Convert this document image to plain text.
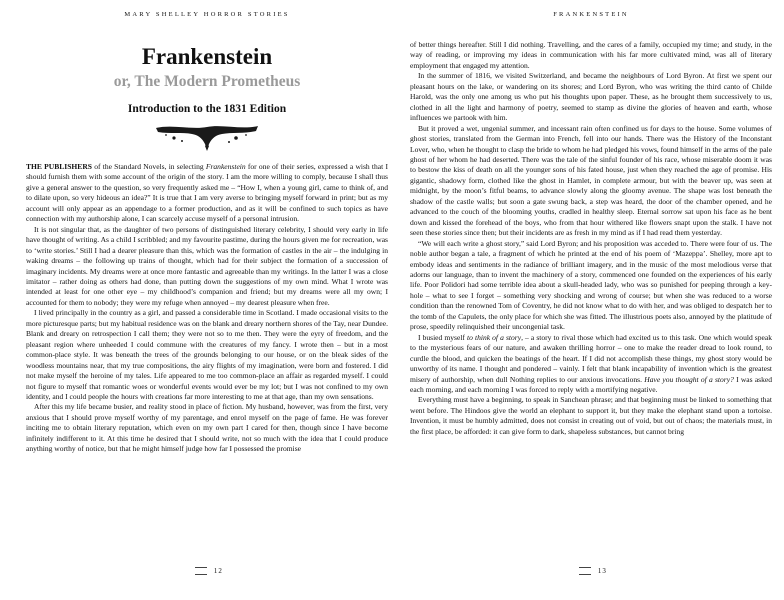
MARY SHELLEY HORROR STORIES
Frankenstein
or, The Modern Prometheus
Introduction to the 1831 Edition

THE PUBLISHERS of the Standard Novels, in selecting Frankenstein for one of their series, expressed a wish that I should furnish them with some account of the origin of the story. I am the more willing to comply, because I shall thus give a general answer to the question, so very frequently asked me – “How I, when a young girl, came to think of, and to dilate upon, so very hideous an idea?” It is true that I am very averse to bringing myself forward in print; but as my account will only appear as an appendage to a former production, and as it will be confined to such topics as have connection with my authorship alone, I can scarcely accuse myself of a personal intrusion.

It is not singular that, as the daughter of two persons of distinguished literary celebrity, I should very early in life have thought of writing. As a child I scribbled; and my favourite pastime, during the hours given me for recreation, was to ‘write stories.’ Still I had a dearer pleasure than this, which was the formation of castles in the air – the indulging in waking dreams – the following up trains of thought, which had for their subject the formation of a succession of imaginary incidents. My dreams were at once more fantastic and agreeable than my writings. In the latter I was a close imitator – rather doing as others had done, than putting down the suggestions of my own mind. What I wrote was intended at least for one other eye – my childhood’s companion and friend; but my dreams were all my own; I accounted for them to nobody; they were my refuge when annoyed – my dearest pleasure when free.

I lived principally in the country as a girl, and passed a considerable time in Scotland. I made occasional visits to the more picturesque parts; but my habitual residence was on the blank and dreary northern shores of the Tay, near Dundee. Blank and dreary on retrospection I call them; they were not so to me then. They were the eyry of freedom, and the pleasant region where unheeded I could commune with the creatures of my fancy. I wrote then – but in a most common-place style. It was beneath the trees of the grounds belonging to our house, or on the bleak sides of the woodless mountains near, that my true compositions, the airy flights of my imagination, were born and fostered. I did not make myself the heroine of my tales. Life appeared to me too common-place an affair as regarded myself. I could not figure to myself that romantic woes or wonderful events would ever be my lot; but I was not confined to my own identity, and I could people the hours with creations far more interesting to me at that age, than my own sensations.

After this my life became busier, and reality stood in place of fiction. My husband, however, was from the first, very anxious that I should prove myself worthy of my parentage, and enrol myself on the page of fame. He was forever inciting me to obtain literary reputation, which even on my own part I cared for then, though since I have become infinitely indifferent to it. At this time he desired that I should write, not so much with the idea that I could produce anything worthy of notice, but that he might himself judge how far I possessed the promise

12
FRANKENSTEIN

of better things hereafter. Still I did nothing. Travelling, and the cares of a family, occupied my time; and study, in the way of reading, or improving my ideas in communication with his far more cultivated mind, was all of literary employment that engaged my attention.

In the summer of 1816, we visited Switzerland, and became the neighbours of Lord Byron. At first we spent our pleasant hours on the lake, or wandering on its shores; and Lord Byron, who was writing the third canto of Childe Harold, was the only one among us who put his thoughts upon paper. These, as he brought them successively to us, clothed in all the light and harmony of poetry, seemed to stamp as divine the glories of heaven and earth, whose influences we partook with him.

But it proved a wet, ungenial summer, and incessant rain often confined us for days to the house. Some volumes of ghost stories, translated from the German into French, fell into our hands. There was the History of the Inconstant Lover, who, when he thought to clasp the bride to whom he had pledged his vows, found himself in the arms of the pale ghost of her whom he had deserted. There was the tale of the sinful founder of his race, whose miserable doom it was to bestow the kiss of death on all the younger sons of his fated house, just when they reached the age of promise. His gigantic, shadowy form, clothed like the ghost in Hamlet, in complete armour, but with the beaver up, was seen at midnight, by the moon’s fitful beams, to advance slowly along the gloomy avenue. The shape was lost beneath the shadow of the castle walls; but soon a gate swung back, a step was heard, the door of the chamber opened, and he advanced to the couch of the blooming youths, cradled in healthy sleep. Eternal sorrow sat upon his face as he bent down and kissed the forehead of the boys, who from that hour withered like flowers snapt upon the stalk. I have not seen these stories since then; but their incidents are as fresh in my mind as if I had read them yesterday.

“We will each write a ghost story,” said Lord Byron; and his proposition was acceded to. There were four of us. The noble author began a tale, a fragment of which he printed at the end of his poem of ‘Mazeppa’. Shelley, more apt to embody ideas and sentiments in the radiance of brilliant imagery, and in the music of the most melodious verse that adorns our language, than to invent the machinery of a story, commenced one founded on the experiences of his early life. Poor Polidori had some terrible idea about a skull-headed lady, who was so punished for peeping through a key-hole – what to see I forget – something very shocking and wrong of course; but when she was reduced to a worse condition than the renowned Tom of Coventry, he did not know what to do with her, and was obliged to despatch her to the tomb of the Capulets, the only place for which she was fitted. The illustrious poets also, annoyed by the platitude of prose, speedily relinquished their uncongenial task.

I busied myself to think of a story, – a story to rival those which had excited us to this task. One which would speak to the mysterious fears of our nature, and awaken thrilling horror – one to make the reader dread to look round, to curdle the blood, and quicken the beatings of the heart. If I did not accomplish these things, my ghost story would be unworthy of its name. I thought and pondered – vainly. I felt that blank incapability of invention which is the greatest misery of authorship, when dull Nothing replies to our anxious invocations. Have you thought of a story? I was asked each morning, and each morning I was forced to reply with a mortifying negative.

Everything must have a beginning, to speak in Sanchean phrase; and that beginning must be linked to something that went before. The Hindoos give the world an elephant to support it, but they make the elephant stand upon a tortoise. Invention, it must be humbly admitted, does not consist in creating out of void, but out of chaos; the materials must, in the first place, be afforded: it can give form to dark, shapeless substances, but cannot bring

13
